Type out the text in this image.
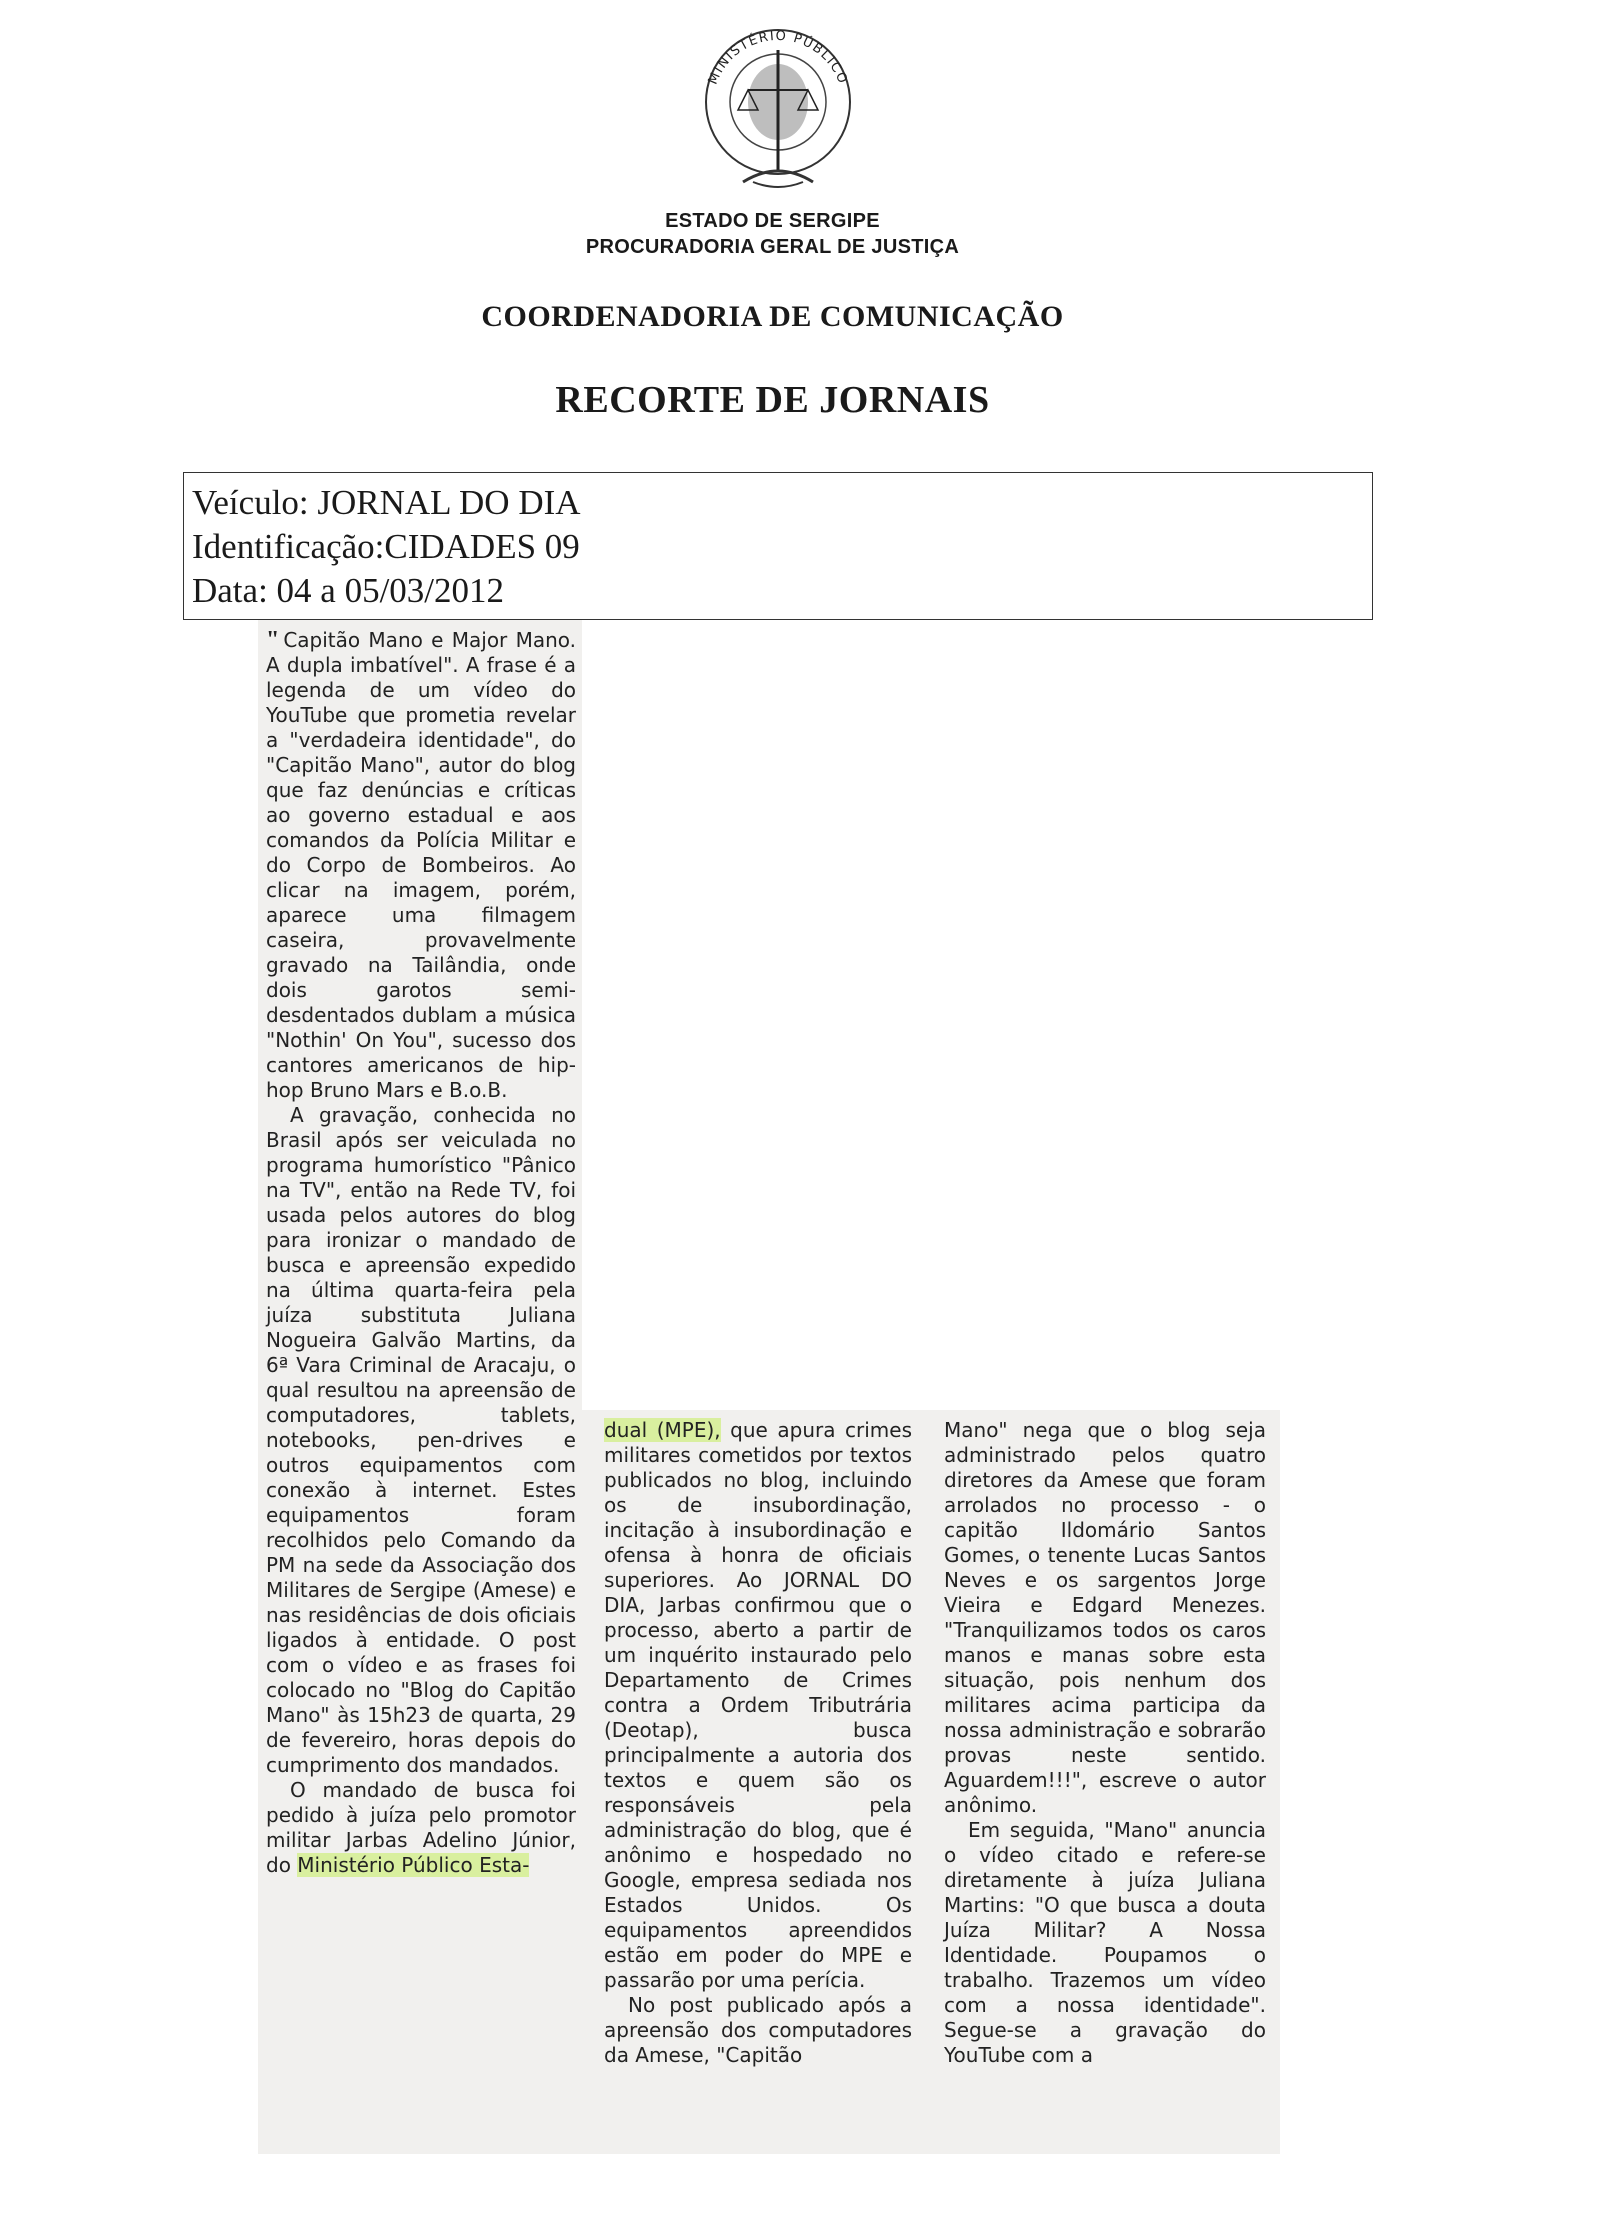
MINISTÉRIO PÚBLICO
ESTADO DE SERGIPE
PROCURADORIA GERAL DE JUSTIÇA
COORDENADORIA DE COMUNICAÇÃO
RECORTE DE JORNAIS
Veículo: JORNAL DO DIA
Identificação:CIDADES 09
Data: 04 a 05/03/2012

" Capitão Mano e Major Mano. A dupla imbatível". A frase é a legenda de um vídeo do YouTube que prometia revelar a "verdadeira identidade", do "Capitão Mano", autor do blog que faz denúncias e críticas ao governo estadual e aos comandos da Polícia Militar e do Corpo de Bombeiros. Ao clicar na imagem, porém, aparece uma filmagem caseira, provavelmente gravado na Tailândia, onde dois garotos semi-desdentados dublam a música "Nothin' On You", sucesso dos cantores americanos de hip-hop Bruno Mars e B.o.B.

A gravação, conhecida no Brasil após ser veiculada no programa humorístico "Pânico na TV", então na Rede TV, foi usada pelos autores do blog para ironizar o mandado de busca e apreensão expedido na última quarta-feira pela juíza substituta Juliana Nogueira Galvão Martins, da 6ª Vara Criminal de Aracaju, o qual resultou na apreensão de computadores, tablets, notebooks, pen-drives e outros equipamentos com conexão à internet. Estes equipamentos foram recolhidos pelo Comando da PM na sede da Associação dos Militares de Sergipe (Amese) e nas residências de dois oficiais ligados à entidade. O post com o vídeo e as frases foi colocado no "Blog do Capitão Mano" às 15h23 de quarta, 29 de fevereiro, horas depois do cumprimento dos mandados.

O mandado de busca foi pedido à juíza pelo promotor militar Jarbas Adelino Júnior, do Ministério Público Esta-

dual (MPE), que apura crimes militares cometidos por textos publicados no blog, incluindo os de insubordinação, incitação à insubordinação e ofensa à honra de oficiais superiores. Ao JORNAL DO DIA, Jarbas confirmou que o processo, aberto a partir de um inquérito instaurado pelo Departamento de Crimes contra a Ordem Tributrária (Deotap), busca principalmente a autoria dos textos e quem são os responsáveis pela administração do blog, que é anônimo e hospedado no Google, empresa sediada nos Estados Unidos. Os equipamentos apreendidos estão em poder do MPE e passarão por uma perícia.

No post publicado após a apreensão dos computadores da Amese, "Capitão

Mano" nega que o blog seja administrado pelos quatro diretores da Amese que foram arrolados no processo - o capitão Ildomário Santos Gomes, o tenente Lucas Santos Neves e os sargentos Jorge Vieira e Edgard Menezes. "Tranquilizamos todos os caros manos e manas sobre esta situação, pois nenhum dos militares acima participa da nossa administração e sobrarão provas neste sentido. Aguardem!!!", escreve o autor anônimo.

Em seguida, "Mano" anuncia o vídeo citado e refere-se diretamente à juíza Juliana Martins: "O que busca a douta Juíza Militar? A Nossa Identidade. Poupamos o trabalho. Trazemos um vídeo com a nossa identidade". Segue-se a gravação do YouTube com a
